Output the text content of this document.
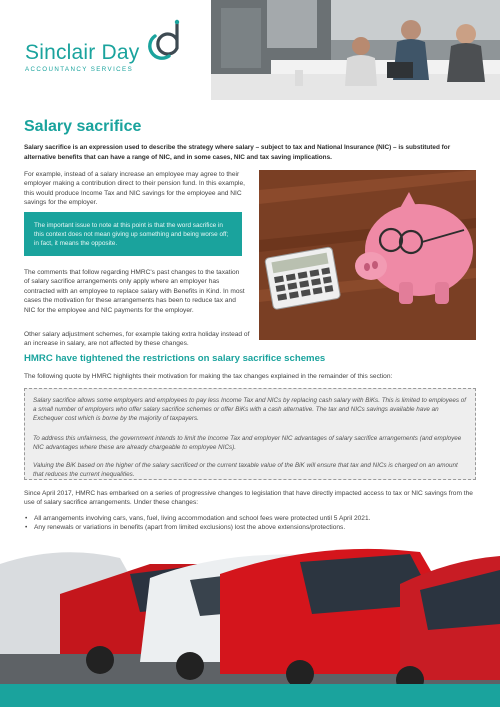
Sinclair Day
ACCOUNTANCY SERVICES
Salary sacrifice

Salary sacrifice is an expression used to describe the strategy where salary – subject to tax and National Insurance (NIC) – is substituted for alternative benefits that can have a range of NIC, and in some cases, NIC and tax saving implications.

For example, instead of a salary increase an employee may agree to their employer making a contribution direct to their pension fund. In this example, this would produce Income Tax and NIC savings for the employee and NIC savings for the employer.

The important issue to note at this point is that the word sacrifice in this context does not mean giving up something and being worse off; in fact, it means the opposite.

The comments that follow regarding HMRC's past changes to the taxation of salary sacrifice arrangements only apply where an employer has contracted with an employee to replace salary with Benefits in Kind. In most cases the motivation for these arrangements has been to reduce tax and NIC for the employee and NIC payments for the employer.

Other salary adjustment schemes, for example taking extra holiday instead of an increase in salary, are not affected by these changes.

HMRC have tightened the restrictions on salary sacrifice schemes

The following quote by HMRC highlights their motivation for making the tax changes explained in the remainder of this section:

Salary sacrifice allows some employers and employees to pay less Income Tax and NICs by replacing cash salary with BiKs. This is limited to employees of a small number of employers who offer salary sacrifice schemes or offer BiKs with a cash alternative. The tax and NICs savings available have an Exchequer cost which is borne by the majority of taxpayers.

To address this unfairness, the government intends to limit the Income Tax and employer NIC advantages of salary sacrifice arrangements (and employee NIC advantages where these are already chargeable to employee NICs).

Valuing the BiK based on the higher of the salary sacrificed or the current taxable value of the BiK will ensure that tax and NICs is charged on an amount that reduces the current inequalities.

Since April 2017, HMRC has embarked on a series of progressive changes to legislation that have directly impacted access to tax or NIC savings from the use of salary sacrifice arrangements. Under these changes:

• All arrangements involving cars, vans, fuel, living accommodation and school fees were protected until 5 April 2021.
• Any renewals or variations in benefits (apart from limited exclusions) lost the above extensions/protections.
